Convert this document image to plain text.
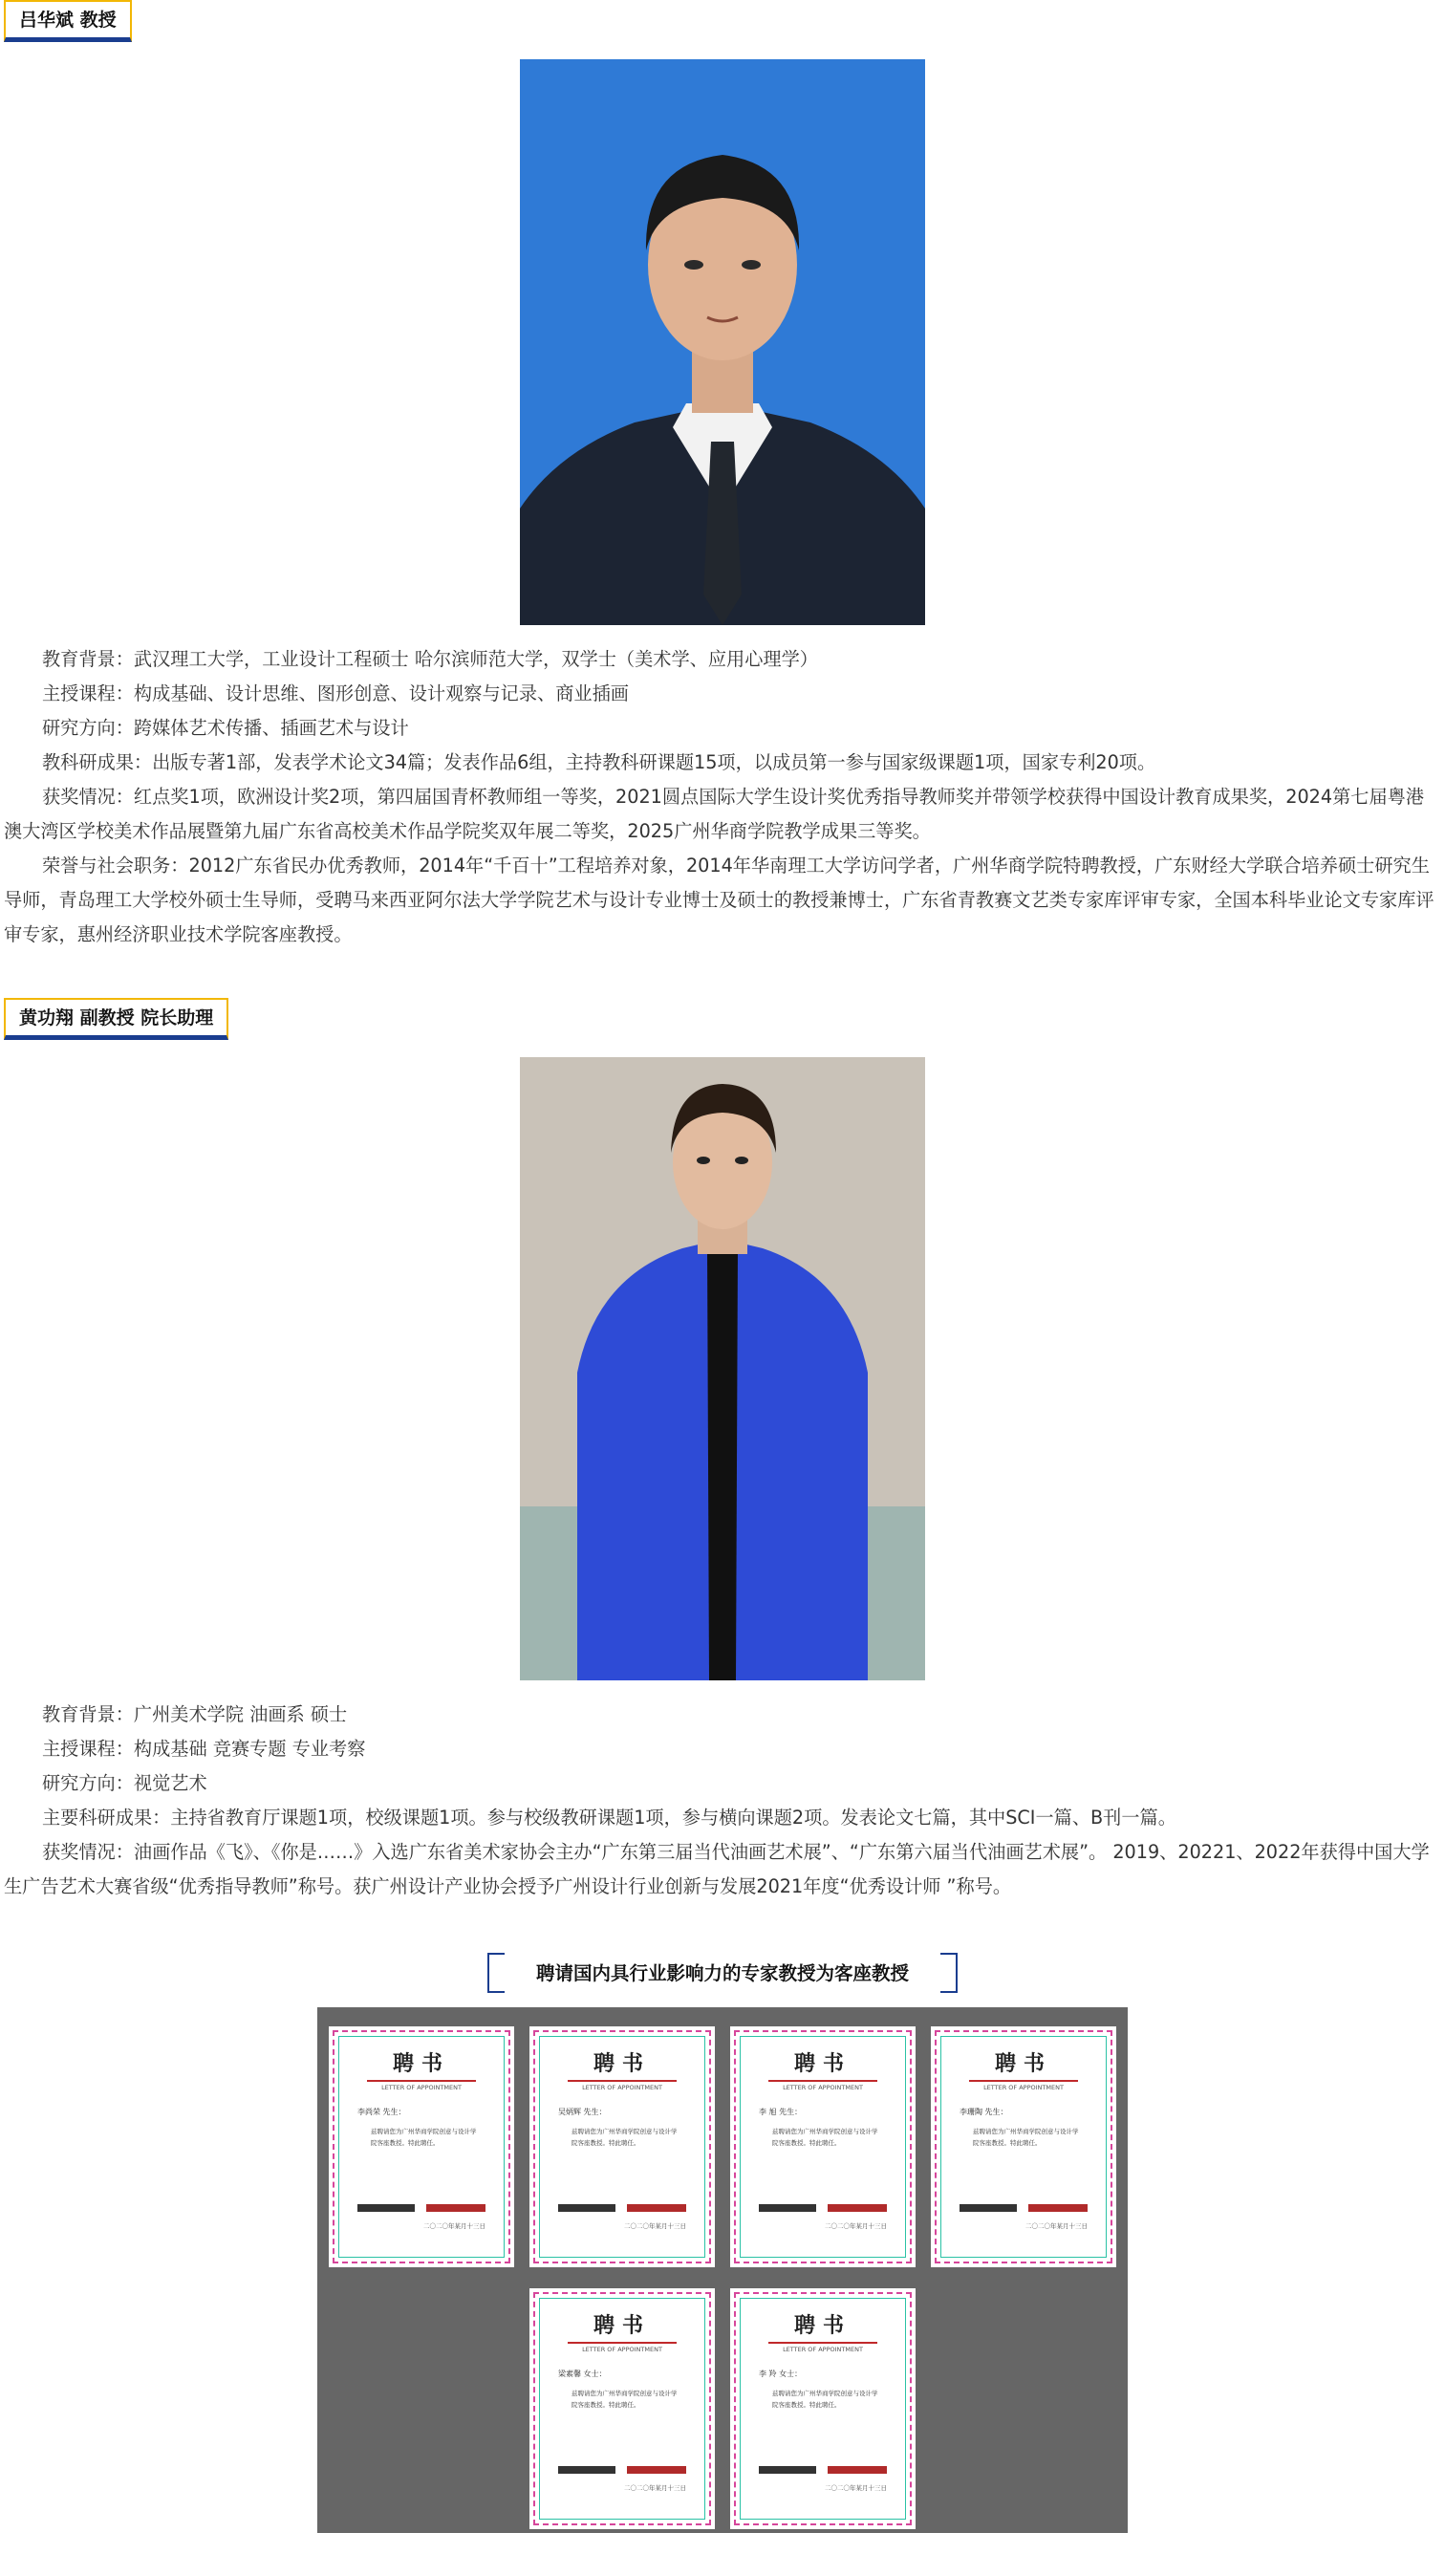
吕华斌 教授

教育背景：武汉理工大学，工业设计工程硕士 哈尔滨师范大学，双学士（美术学、应用心理学）

主授课程：构成基础、设计思维、图形创意、设计观察与记录、商业插画

研究方向：跨媒体艺术传播、插画艺术与设计

教科研成果：出版专著1部，发表学术论文34篇；发表作品6组，主持教科研课题15项，以成员第一参与国家级课题1项，国家专利20项。

获奖情况：红点奖1项，欧洲设计奖2项，第四届国青杯教师组一等奖，2021圆点国际大学生设计奖优秀指导教师奖并带领学校获得中国设计教育成果奖，2024第七届粤港澳大湾区学校美术作品展暨第九届广东省高校美术作品学院奖双年展二等奖，2025广州华商学院教学成果三等奖。

荣誉与社会职务：2012广东省民办优秀教师，2014年“千百十”工程培养对象，2014年华南理工大学访问学者，广州华商学院特聘教授，广东财经大学联合培养硕士研究生导师，青岛理工大学校外硕士生导师，受聘马来西亚阿尔法大学学院艺术与设计专业博士及硕士的教授兼博士，广东省青教赛文艺类专家库评审专家，全国本科毕业论文专家库评审专家，惠州经济职业技术学院客座教授。

黄功翔 副教授 院长助理

教育背景：广州美术学院 油画系 硕士

主授课程：构成基础 竞赛专题 专业考察

研究方向：视觉艺术

主要科研成果：主持省教育厅课题1项，校级课题1项。参与校级教研课题1项，参与横向课题2项。发表论文七篇，其中SCI一篇、B刊一篇。

获奖情况：油画作品《飞》、《你是……》入选广东省美术家协会主办“广东第三届当代油画艺术展”、“广东第六届当代油画艺术展”。 2019、20221、2022年获得中国大学生广告艺术大赛省级“优秀指导教师”称号。获广州设计产业协会授予广州设计行业创新与发展2021年度“优秀设计师 ”称号。

聘请国内具行业影响力的专家教授为客座教授
聘书
LETTER OF APPOINTMENT
李尚荣 先生：
兹聘请您为广州华商学院创意与设计学院客座教授。特此聘任。
二〇二〇年某月十三日
聘书
LETTER OF APPOINTMENT
吴炳辉 先生：
兹聘请您为广州华商学院创意与设计学院客座教授。特此聘任。
二〇二〇年某月十三日
聘书
LETTER OF APPOINTMENT
李 旭 先生：
兹聘请您为广州华商学院创意与设计学院客座教授。特此聘任。
二〇二〇年某月十三日
聘书
LETTER OF APPOINTMENT
李珊陶 先生：
兹聘请您为广州华商学院创意与设计学院客座教授。特此聘任。
二〇二〇年某月十三日
聘书
LETTER OF APPOINTMENT
梁素馨 女士：
兹聘请您为广州华商学院创意与设计学院客座教授。特此聘任。
二〇二〇年某月十三日
聘书
LETTER OF APPOINTMENT
李 羚 女士：
兹聘请您为广州华商学院创意与设计学院客座教授。特此聘任。
二〇二〇年某月十三日
